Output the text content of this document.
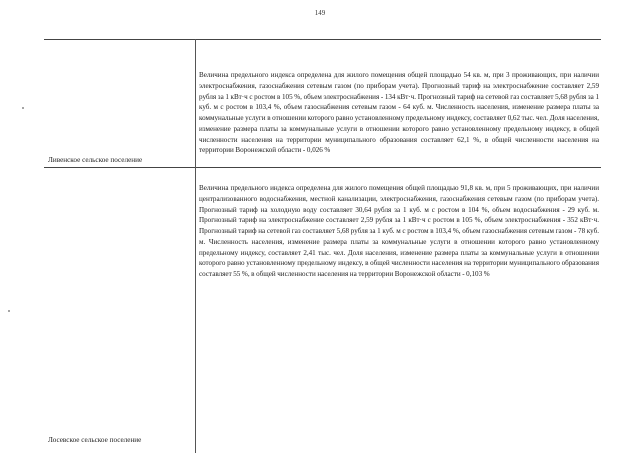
149
Величина предельного индекса определена для жилого помещения общей площадью 54 кв. м, при 3 проживающих, при наличии электроснабжения, газоснабжения сетевым газом (по приборам учета). Прогнозный тариф на электроснабжение составляет 2,59 рубля за 1 кВт·ч с ростом в 105 %, объем электроснабжения - 134 кВт·ч. Прогнозный тариф на сетевой газ составляет 5,68 рубля за 1 куб. м с ростом в 103,4 %, объем газоснабжения сетевым газом - 64 куб. м. Численность населения, изменение размера платы за коммунальные услуги в отношении которого равно установленному предельному индексу, составляет 0,62 тыс. чел. Доля населения, изменение размера платы за коммунальные услуги в отношении которого равно установленному предельному индексу, в общей численности населения на территории муниципального образования составляет 62,1 %, в общей численности населения на территории Воронежской области - 0,026 %
Ливенское сельское поселение
Величина предельного индекса определена для жилого помещения общей площадью 91,8 кв. м, при 5 проживающих, при наличии централизованного водоснабжения, местной канализации, электроснабжения, газоснабжения сетевым газом (по приборам учета). Прогнозный тариф на холодную воду составляет 30,64 рубля за 1 куб. м с ростом в 104 %, объем водоснабжения - 29 куб. м. Прогнозный тариф на электроснабжение составляет 2,59 рубля за 1 кВт·ч с ростом в 105 %, объем электроснабжения - 352 кВт·ч. Прогнозный тариф на сетевой газ составляет 5,68 рубля за 1 куб. м с ростом в 103,4 %, объем газоснабжения сетевым газом - 78 куб. м. Численность населения, изменение размера платы за коммунальные услуги в отношении которого равно установленному предельному индексу, составляет 2,41 тыс. чел. Доля населения, изменение размера платы за коммунальные услуги в отношении которого равно установленному предельному индексу, в общей численности населения на территории муниципального образования составляет 55 %, в общей численности населения на территории Воронежской области - 0,103 %
Лосевское сельское поселение
